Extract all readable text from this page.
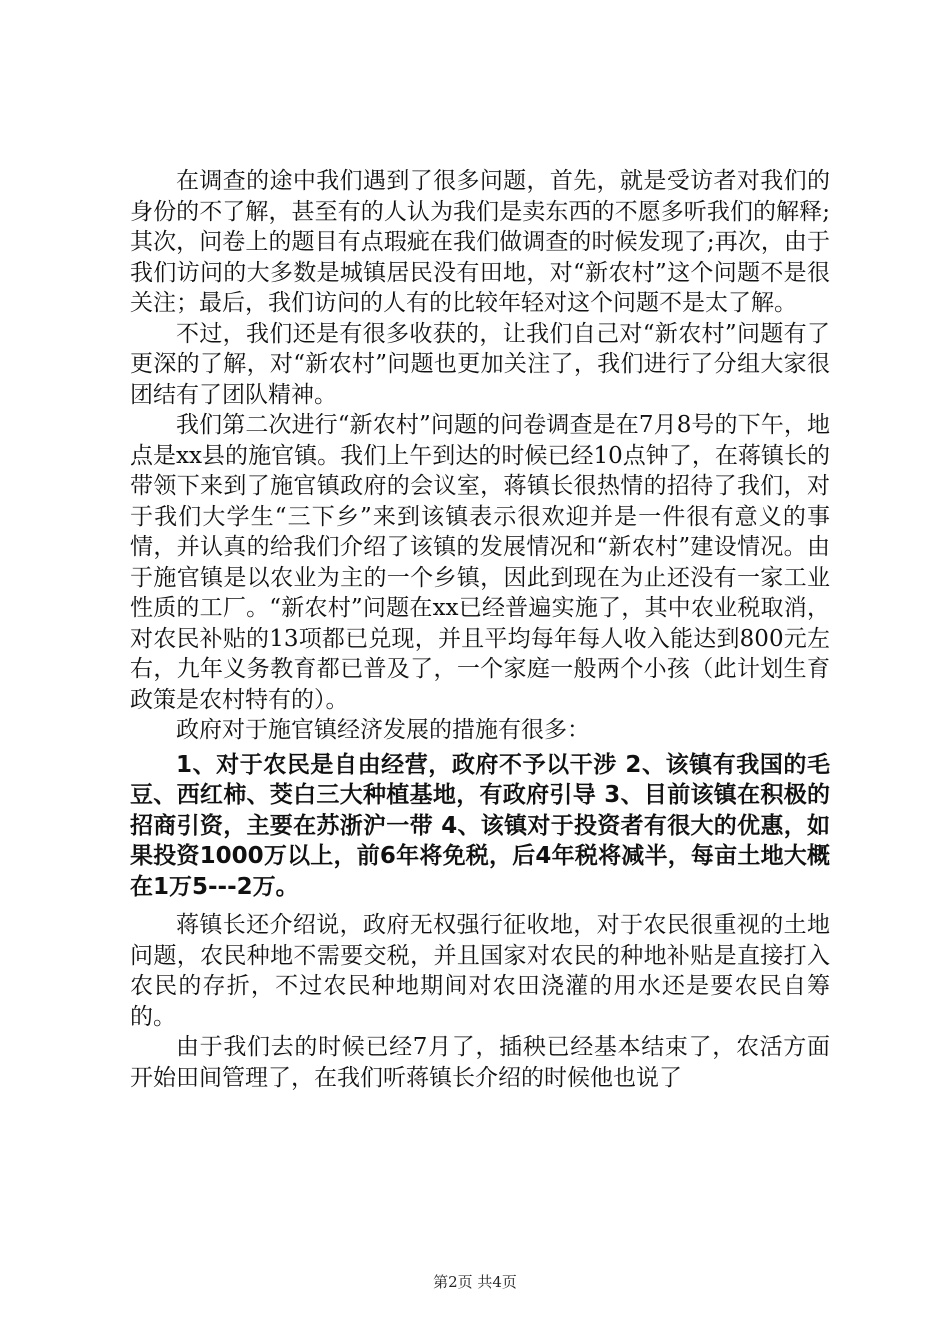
在调查的途中我们遇到了很多问题，首先，就是受访者对我们的身份的不了解，甚至有的人认为我们是卖东西的不愿多听我们的解释;其次，问卷上的题目有点瑕疵在我们做调查的时候发现了;再次，由于我们访问的大多数是城镇居民没有田地，对“新农村”这个问题不是很关注；最后，我们访问的人有的比较年轻对这个问题不是太了解。

不过，我们还是有很多收获的，让我们自己对“新农村”问题有了更深的了解，对“新农村”问题也更加关注了，我们进行了分组大家很团结有了团队精神。

我们第二次进行“新农村”问题的问卷调查是在7月8号的下午，地点是xx县的施官镇。我们上午到达的时候已经10点钟了，在蒋镇长的带领下来到了施官镇政府的会议室，蒋镇长很热情的招待了我们，对于我们大学生“三下乡”来到该镇表示很欢迎并是一件很有意义的事情，并认真的给我们介绍了该镇的发展情况和“新农村”建设情况。由于施官镇是以农业为主的一个乡镇，因此到现在为止还没有一家工业性质的工厂。“新农村”问题在xx已经普遍实施了，其中农业税取消，对农民补贴的13项都已兑现，并且平均每年每人收入能达到800元左右，九年义务教育都已普及了，一个家庭一般两个小孩（此计划生育政策是农村特有的）。

政府对于施官镇经济发展的措施有很多：

1、对于农民是自由经营，政府不予以干涉 2、该镇有我国的毛豆、西红柿、茭白三大种植基地，有政府引导 3、目前该镇在积极的招商引资，主要在苏浙沪一带 4、该镇对于投资者有很大的优惠，如果投资1000万以上，前6年将免税，后4年税将减半，每亩土地大概在1万5---2万。

蒋镇长还介绍说，政府无权强行征收地，对于农民很重视的土地问题，农民种地不需要交税，并且国家对农民的种地补贴是直接打入农民的存折，不过农民种地期间对农田浇灌的用水还是要农民自筹的。

由于我们去的时候已经7月了，插秧已经基本结束了，农活方面开始田间管理了，在我们听蒋镇长介绍的时候他也说了

第2页 共4页
